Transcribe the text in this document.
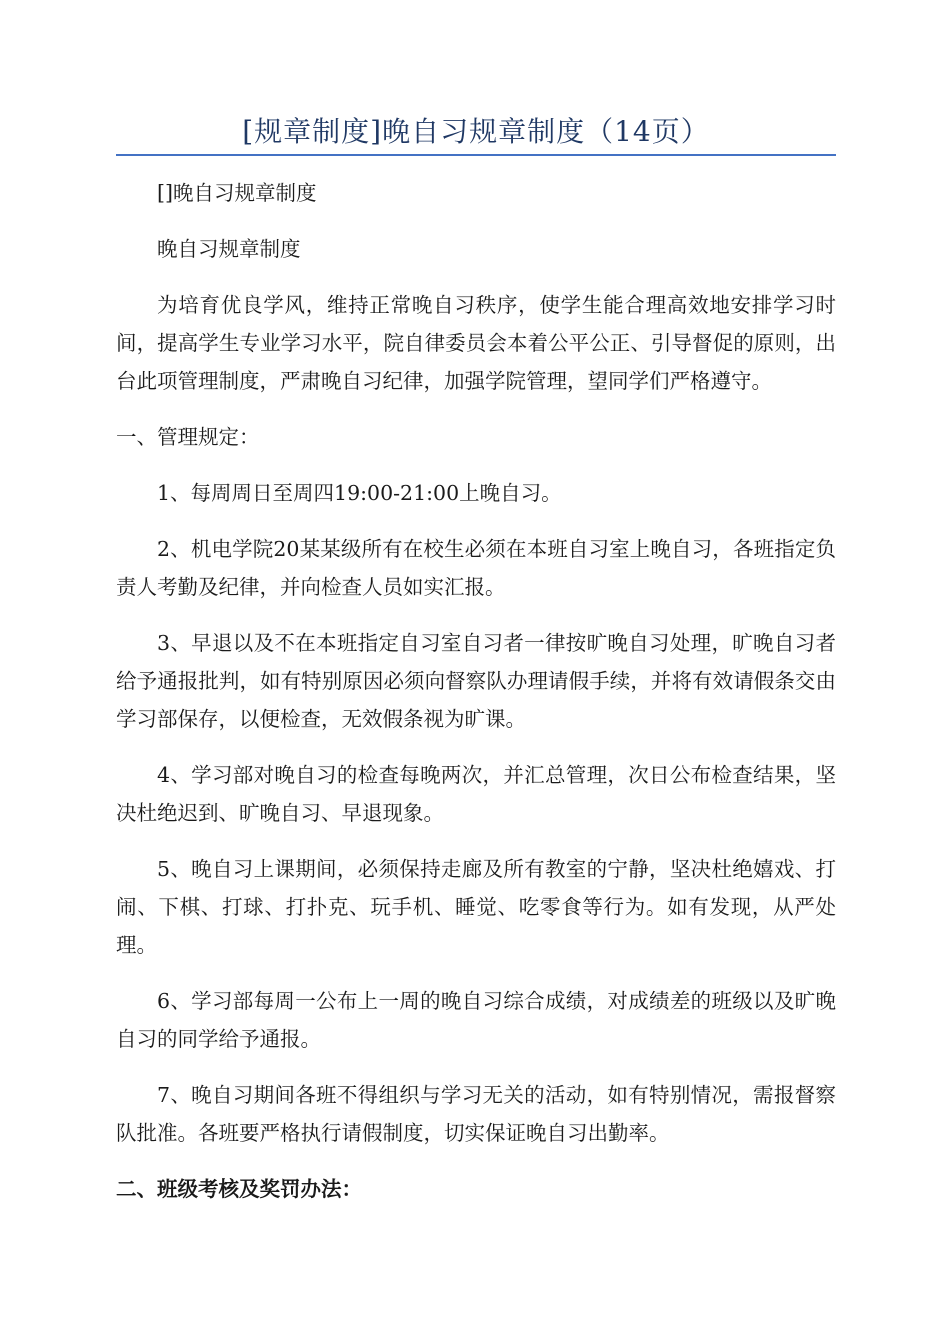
[规章制度]晚自习规章制度（14页）

[]晚自习规章制度

晚自习规章制度

为培育优良学风，维持正常晚自习秩序，使学生能合理高效地安排学习时间，提高学生专业学习水平，院自律委员会本着公平公正、引导督促的原则，出台此项管理制度，严肃晚自习纪律，加强学院管理，望同学们严格遵守。

一、管理规定：

1、每周周日至周四19:00-21:00上晚自习。

2、机电学院20某某级所有在校生必须在本班自习室上晚自习，各班指定负责人考勤及纪律，并向检查人员如实汇报。

3、早退以及不在本班指定自习室自习者一律按旷晚自习处理，旷晚自习者给予通报批判，如有特别原因必须向督察队办理请假手续，并将有效请假条交由学习部保存，以便检查，无效假条视为旷课。

4、学习部对晚自习的检查每晚两次，并汇总管理，次日公布检查结果，坚决杜绝迟到、旷晚自习、早退现象。

5、晚自习上课期间，必须保持走廊及所有教室的宁静，坚决杜绝嬉戏、打闹、下棋、打球、打扑克、玩手机、睡觉、吃零食等行为。如有发现，从严处理。

6、学习部每周一公布上一周的晚自习综合成绩，对成绩差的班级以及旷晚自习的同学给予通报。

7、晚自习期间各班不得组织与学习无关的活动，如有特别情况，需报督察队批准。各班要严格执行请假制度，切实保证晚自习出勤率。

二、班级考核及奖罚办法：
